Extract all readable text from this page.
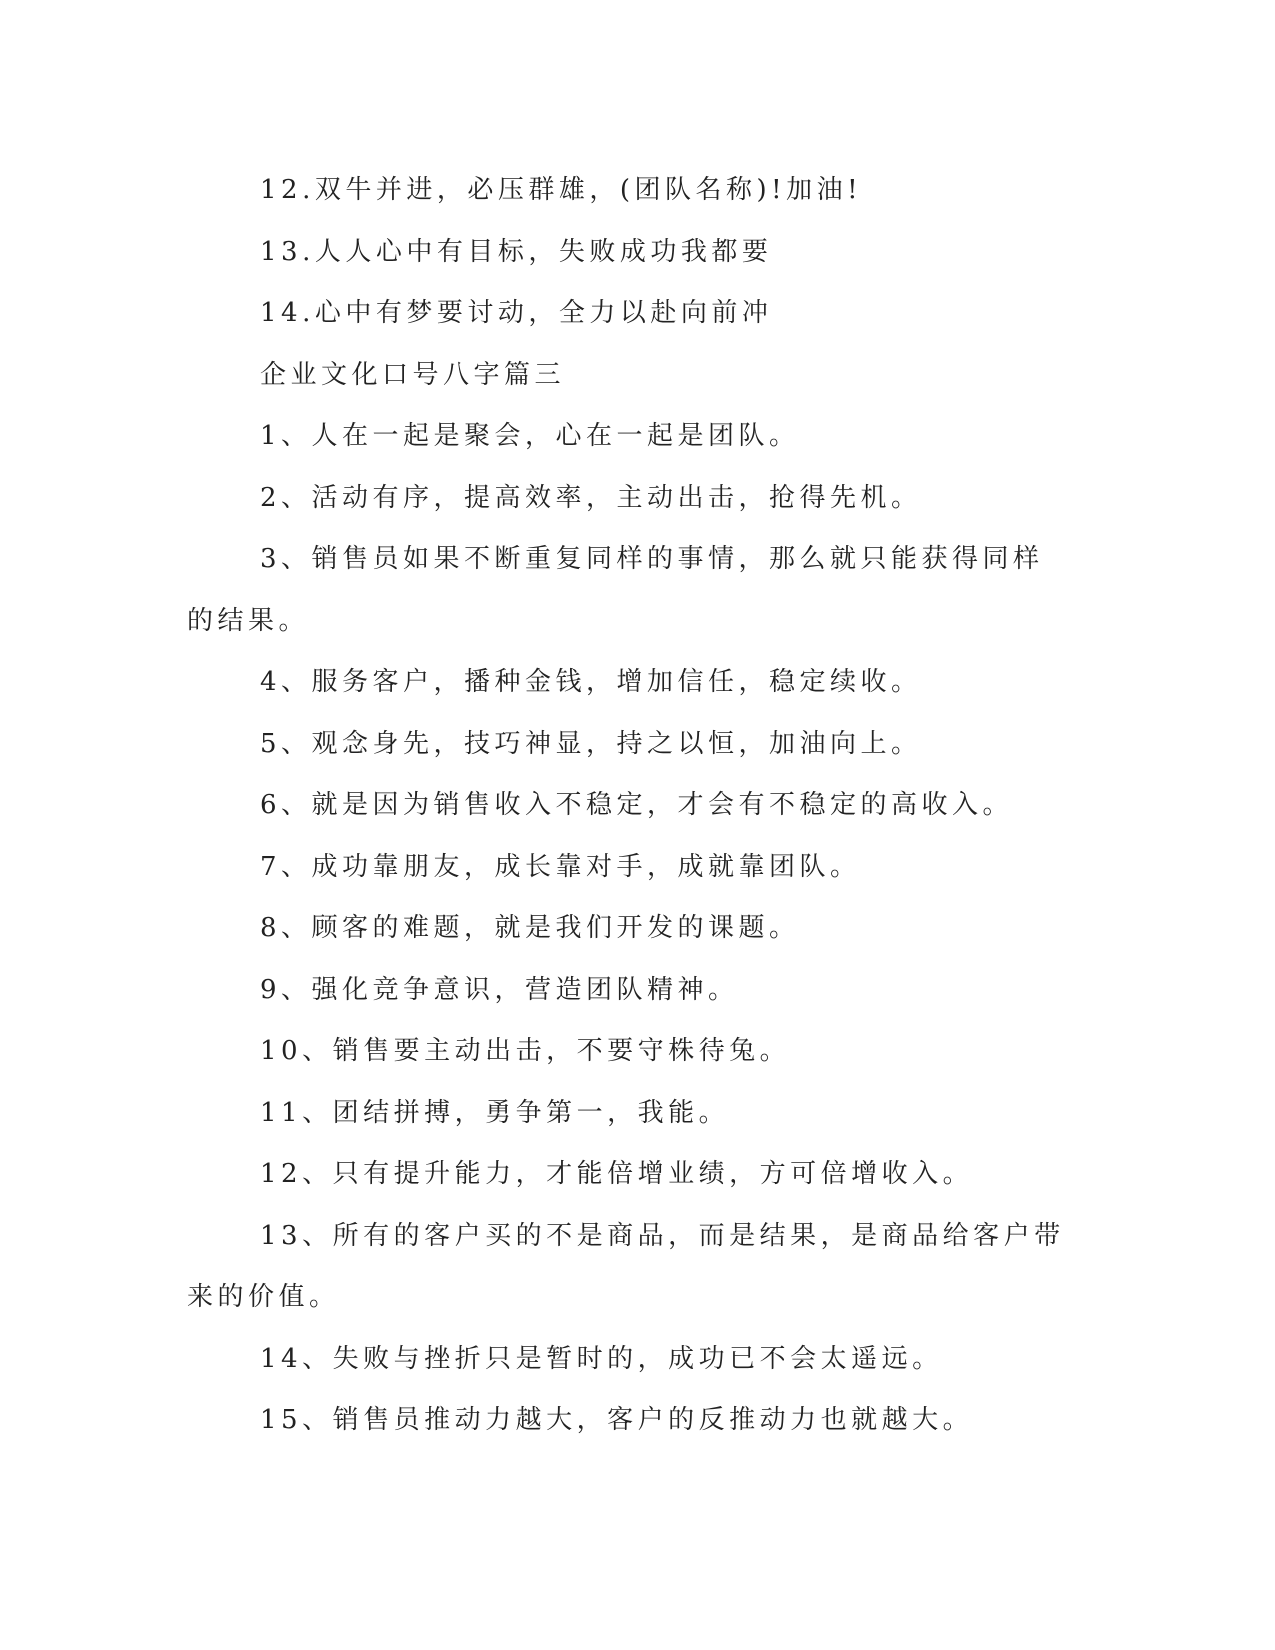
12.双牛并进，必压群雄，(团队名称)!加油!

13.人人心中有目标，失败成功我都要

14.心中有梦要讨动，全力以赴向前冲

企业文化口号八字篇三

1、人在一起是聚会，心在一起是团队。

2、活动有序，提高效率，主动出击，抢得先机。

3、销售员如果不断重复同样的事情，那么就只能获得同样的结果。

4、服务客户，播种金钱，增加信任，稳定续收。

5、观念身先，技巧神显，持之以恒，加油向上。

6、就是因为销售收入不稳定，才会有不稳定的高收入。

7、成功靠朋友，成长靠对手，成就靠团队。

8、顾客的难题，就是我们开发的课题。

9、强化竞争意识，营造团队精神。

10、销售要主动出击，不要守株待兔。

11、团结拼搏，勇争第一，我能。

12、只有提升能力，才能倍增业绩，方可倍增收入。

13、所有的客户买的不是商品，而是结果，是商品给客户带来的价值。

14、失败与挫折只是暂时的，成功已不会太遥远。

15、销售员推动力越大，客户的反推动力也就越大。
